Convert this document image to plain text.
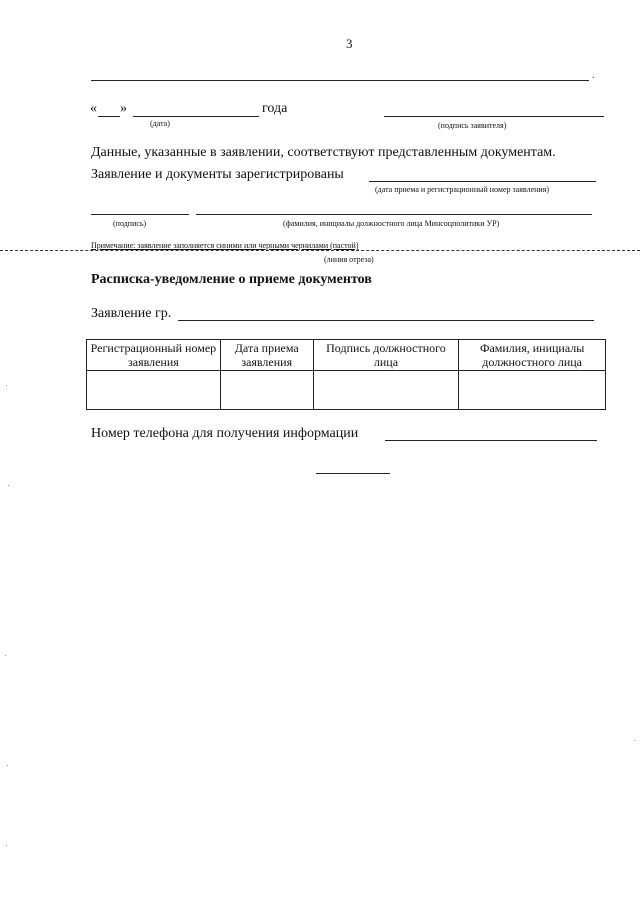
3
.
« »	года
(дата)	(подпись заявителя)
Данные, указанные в заявлении, соответствуют представленным документам.
Заявление и документы зарегистрированы
(дата приема и регистрационный номер заявления)
(подпись)	(фамилия, инициалы должностного лица Минсоцполитики УР)
Примечание: заявление заполняется синими или черными чернилами (пастой)
(линия отреза)
Расписка-уведомление о приеме документов
Заявление гр.
Регистрационный номер заявления	Дата приема заявления	Подпись должностного лица	Фамилия, инициалы должностного лица

Номер телефона для получения информации
